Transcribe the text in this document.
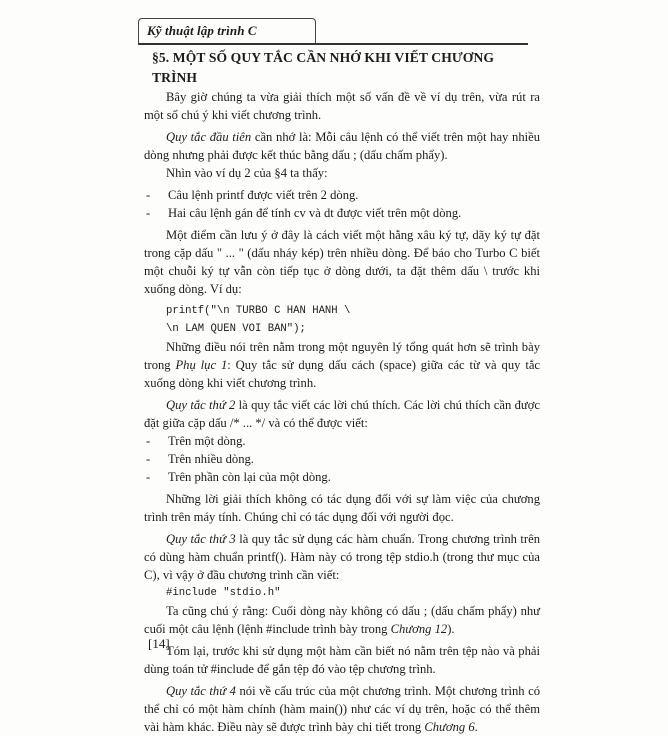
Kỹ thuật lập trình C
§5. MỘT SỐ QUY TẮC CẦN NHỚ KHI VIẾT CHƯƠNG TRÌNH

Bây giờ chúng ta vừa giải thích một số vấn đề về ví dụ trên, vừa rút ra một số chú ý khi viết chương trình.

Quy tắc đầu tiên cần nhớ là: Mỗi câu lệnh có thể viết trên một hay nhiều dòng nhưng phải được kết thúc bằng dấu ; (dấu chấm phẩy).

Nhìn vào ví dụ 2 của §4 ta thấy:

- Câu lệnh printf được viết trên 2 dòng.
- Hai câu lệnh gán để tính cv và dt được viết trên một dòng.

Một điểm cần lưu ý ở đây là cách viết một hằng xâu ký tự, dãy ký tự đặt trong cặp dấu " ... " (dấu nháy kép) trên nhiều dòng. Để báo cho Turbo C biết một chuỗi ký tự vẫn còn tiếp tục ở dòng dưới, ta đặt thêm dấu \ trước khi xuống dòng. Ví dụ:

printf("\n TURBO C HAN HANH \
\n LAM QUEN VOI BAN");

Những điều nói trên nằm trong một nguyên lý tổng quát hơn sẽ trình bày trong Phụ lục 1: Quy tắc sử dụng dấu cách (space) giữa các từ và quy tắc xuống dòng khi viết chương trình.

Quy tắc thứ 2 là quy tắc viết các lời chú thích. Các lời chú thích cần được đặt giữa cặp dấu /* ... */ và có thể được viết:

- Trên một dòng.
- Trên nhiều dòng.
- Trên phần còn lại của một dòng.

Những lời giải thích không có tác dụng đối với sự làm việc của chương trình trên máy tính. Chúng chỉ có tác dụng đối với người đọc.

Quy tắc thứ 3 là quy tắc sử dụng các hàm chuẩn. Trong chương trình trên có dùng hàm chuẩn printf(). Hàm này có trong tệp stdio.h (trong thư mục của C), vì vậy ở đầu chương trình cần viết:

#include "stdio.h"

Ta cũng chú ý rằng: Cuối dòng này không có dấu ; (dấu chấm phẩy) như cuối một câu lệnh (lệnh #include trình bày trong Chương 12).

Tóm lại, trước khi sử dụng một hàm cần biết nó nằm trên tệp nào và phải dùng toán tử #include để gắn tệp đó vào tệp chương trình.

Quy tắc thứ 4 nói về cấu trúc của một chương trình. Một chương trình có thể chỉ có một hàm chính (hàm main()) như các ví dụ trên, hoặc có thể thêm vài hàm khác. Điều này sẽ được trình bày chi tiết trong Chương 6.

[14]
